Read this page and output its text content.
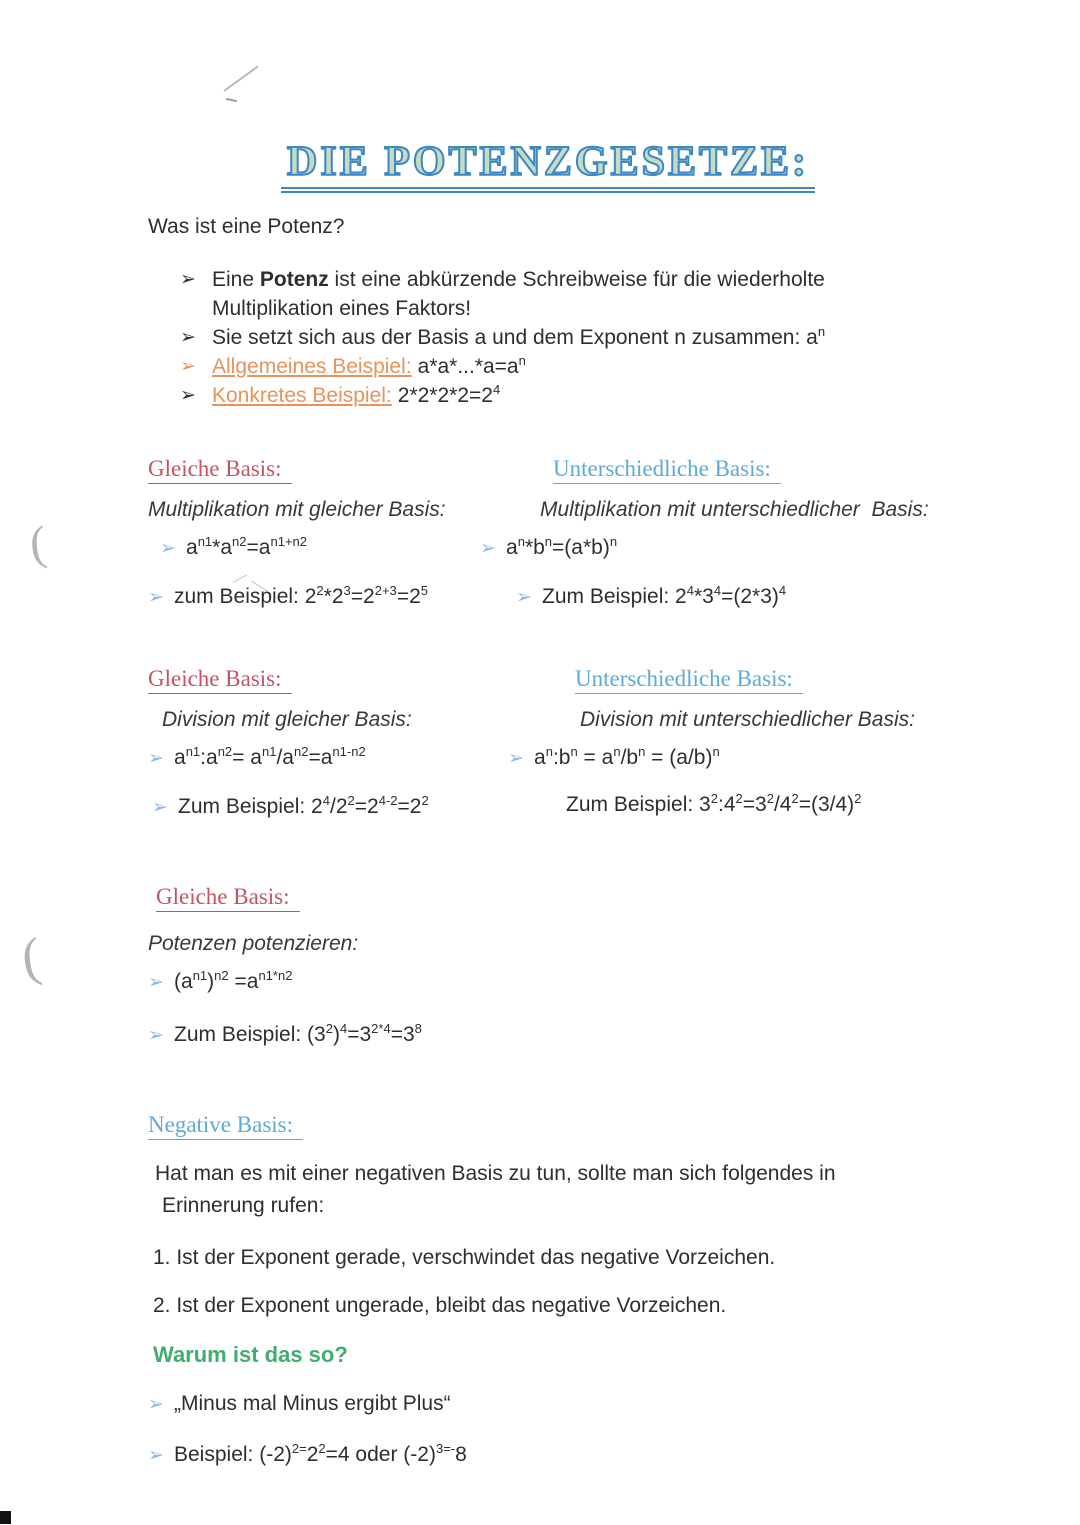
(
(
DIE POTENZGESETZE:
Was ist eine Potenz?
➢ Eine Potenz ist eine abkürzende Schreibweise für die wiederholte
Multiplikation eines Faktors!
➢ Sie setzt sich aus der Basis a und dem Exponent n zusammen: $a^n$
➢ Allgemeines Beispiel: $a*a*...*a=a^n$
➢ Konkretes Beispiel: $2*2*2*2=2^4$
Gleiche Basis:
Multiplikation mit gleicher Basis:
➢ $a^{n1}*a^{n2}=a^{n1+n2}$
➢ zum Beispiel: $2^2*2^3=2^{2+3}=2^5$
Unterschiedliche Basis:
Multiplikation mit unterschiedlicher  Basis:
➢ $a^n*b^n=(a*b)^n$
➢ Zum Beispiel: $2^4*3^4=(2*3)^4$
Gleiche Basis:
Division mit gleicher Basis:
➢ $a^{n1}:a^{n2}= a^{n1}/a^{n2}=a^{n1-n2}$
➢ Zum Beispiel: $2^4/2^2=2^{4-2}=2^2$
Unterschiedliche Basis:
Division mit unterschiedlicher Basis:
➢ $a^n:b^n = a^n/b^n = (a/b)^n$
Zum Beispiel: $3^2:4^2=3^2/4^2=(3/4)^2$
Gleiche Basis:
Potenzen potenzieren:
➢ $(a^{n1})^{n2} =a^{n1*n2}$
➢ Zum Beispiel: $(3^2)^4=3^{2*4}=3^8$
Negative Basis:
Hat man es mit einer negativen Basis zu tun, sollte man sich folgendes in
Erinnerung rufen:
1. Ist der Exponent gerade, verschwindet das negative Vorzeichen.
2. Ist der Exponent ungerade, bleibt das negative Vorzeichen.
Warum ist das so?
➢ „Minus mal Minus ergibt Plus“
➢ Beispiel: $(-2)^{2=}2^2=4$ oder $(-2)^{3=-}8$
